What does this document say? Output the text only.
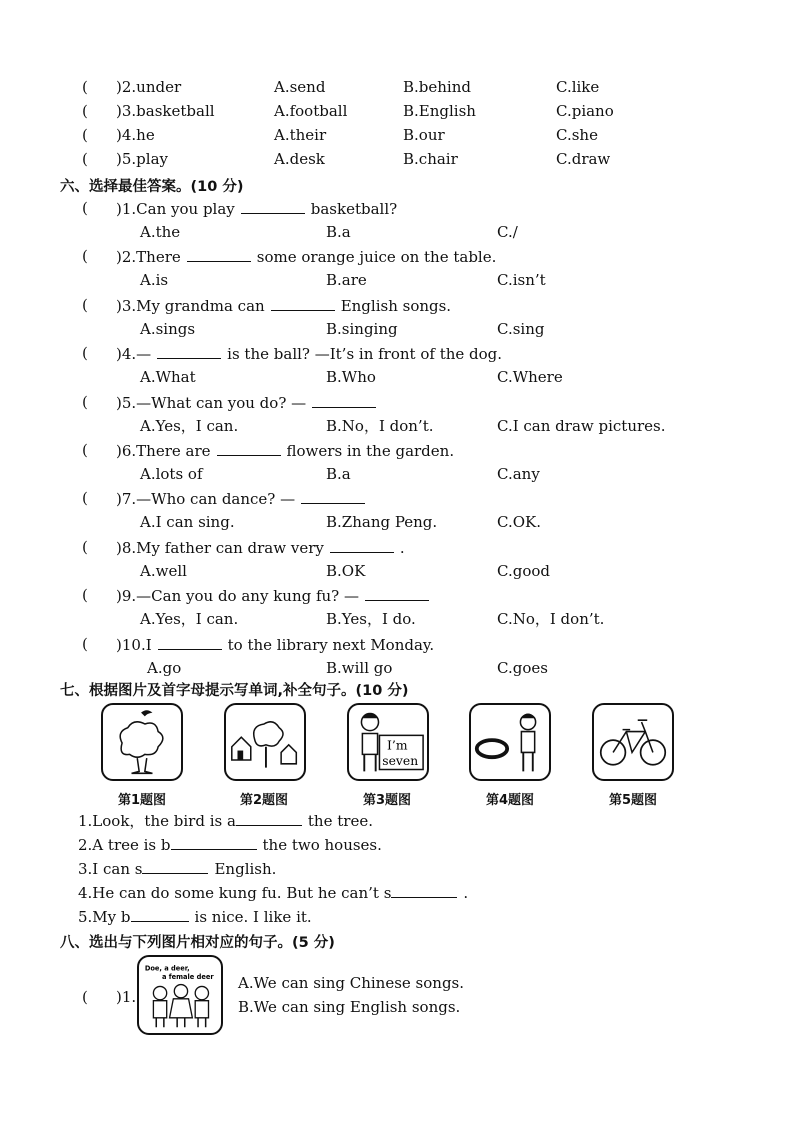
( )2.under	A.send	B.behind	C.like
( )3.basketball	A.football	B.English	C.piano
( )4.he	A.their	B.our	C.she
( )5.play	A.desk	B.chair	C.draw
六、选择最佳答案。(10 分)
( )1.Can you play	basketball?
A.the	B.a	C./
( )2.There	some orange juice on the table.
A.is	B.are	C.isn’t
( )3.My grandma can	English songs.
A.sings	B.singing	C.sing
( )4.—	is the ball? —It’s in front of the dog.
A.What	B.Who	C.Where
( )5.—What can you do? —
A.Yes，I can.	B.No，I don’t.	C.I can draw pictures.
( )6.There are	flowers in the garden.
A.lots of	B.a	C.any
( )7.—Who can dance? —
A.I can sing.	B.Zhang Peng.	C.OK.
( )8.My father can draw very	.
A.well	B.OK	C.good
( )9.—Can you do any kung fu? —
A.Yes，I can.	B.Yes，I do.	C.No，I don’t.
( )10.I	to the library next Monday.
A.go	B.will go	C.goes
七、根据图片及首字母提示写单词,补全句子。(10 分)
I’m
seven
第1题图	第2题图	第3题图	第4题图	第5题图
1.Look，the bird is a	the tree.
2.A tree is b	the two houses.
3.I can s	English.
4.He can do some kung fu. But he can’t s	.
5.My b	is nice. I like it.
八、选出与下列图片相对应的句子。(5 分)
( )1.
Doe, a deer,
a female deer A.We can sing Chinese songs.
B.We can sing English songs.
